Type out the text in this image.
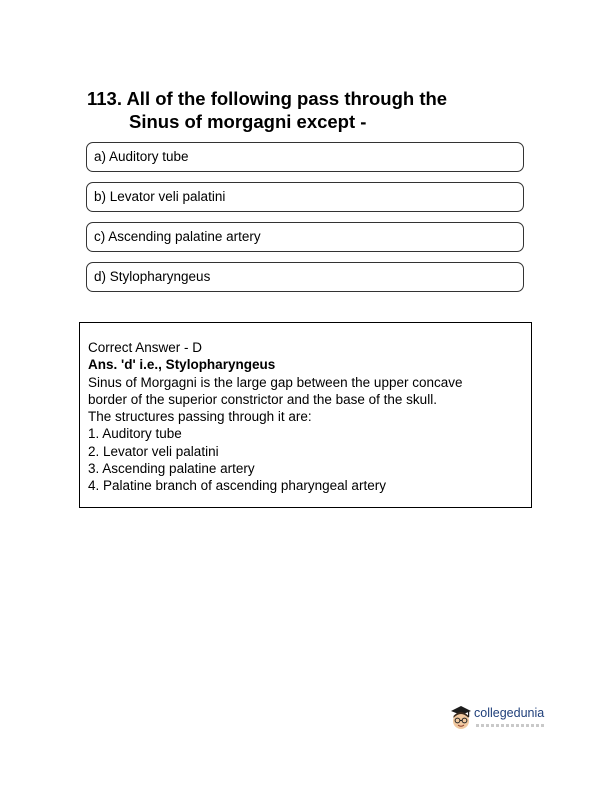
113. All of the following pass through the
Sinus of morgagni except -
a) Auditory tube
b) Levator veli palatini
c) Ascending palatine artery
d) Stylopharyngeus
Correct Answer - D
Ans. 'd' i.e., Stylopharyngeus
Sinus of Morgagni is the large gap between the upper concave
border of the superior constrictor and the base of the skull.
The structures passing through it are:
1. Auditory tube
2. Levator veli palatini
3. Ascending palatine artery
4. Palatine branch of ascending pharyngeal artery
collegedunia
